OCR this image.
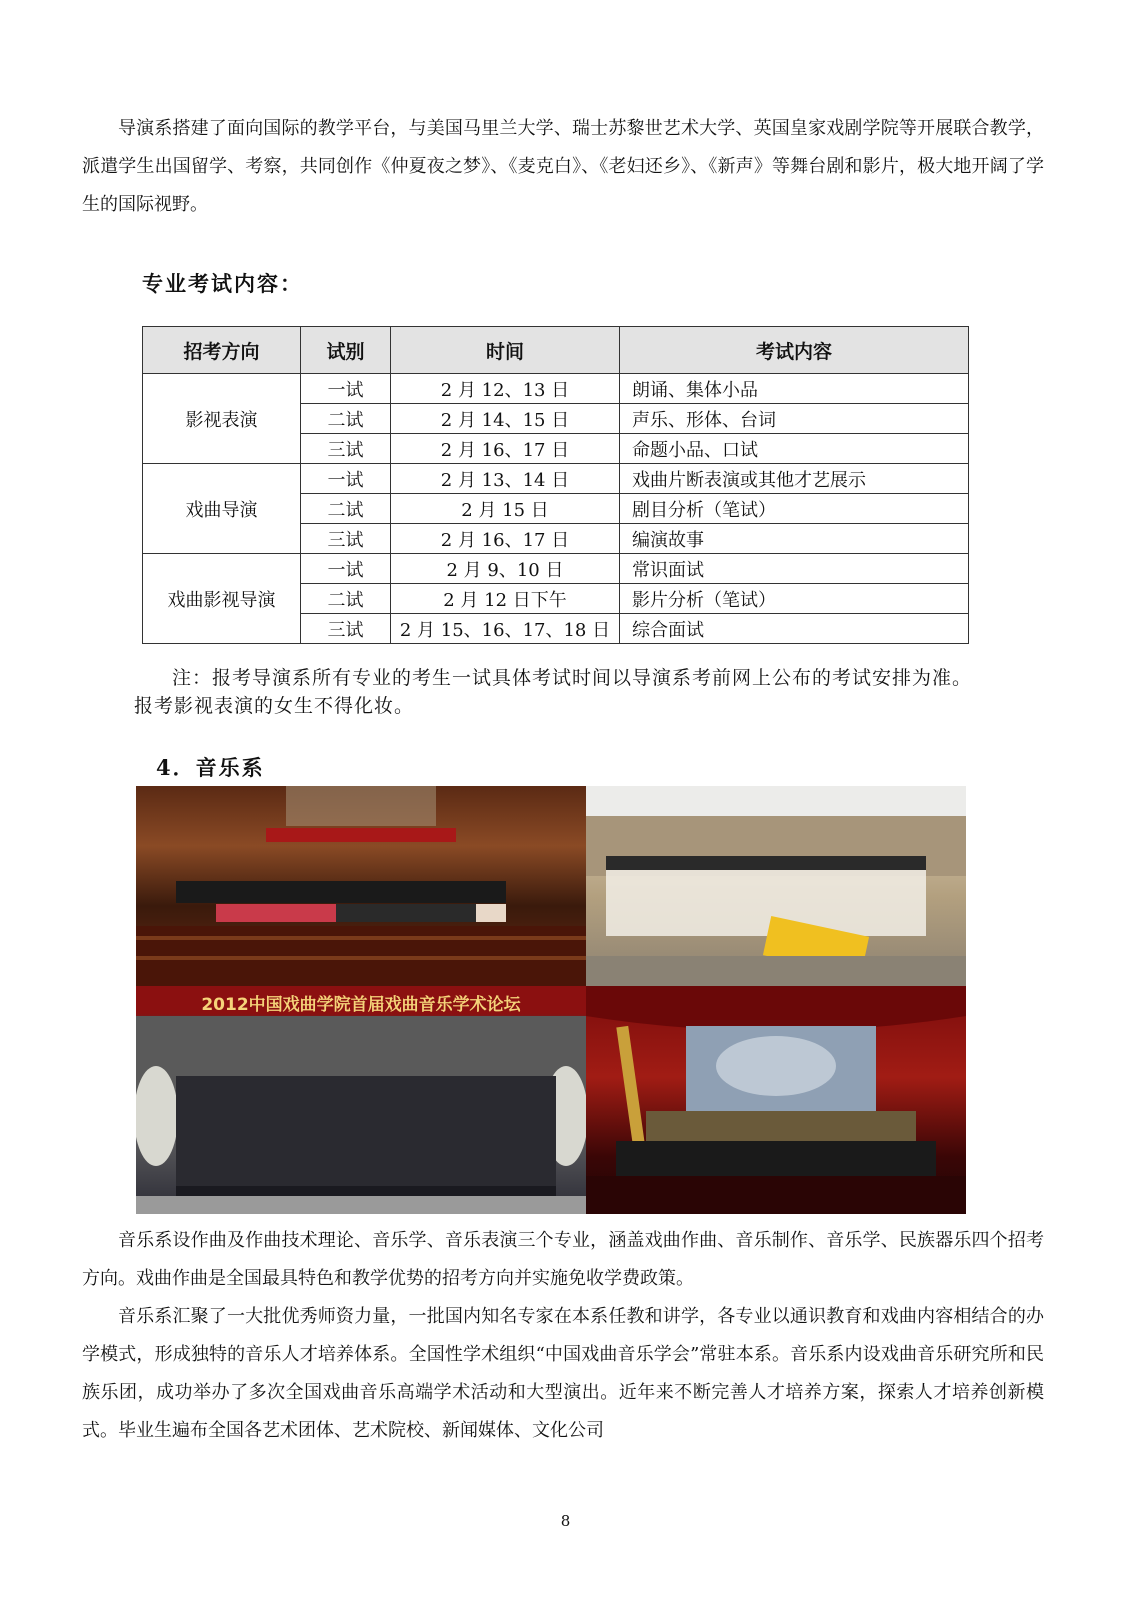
导演系搭建了面向国际的教学平台，与美国马里兰大学、瑞士苏黎世艺术大学、英国皇家戏剧学院等开展联合教学，派遣学生出国留学、考察，共同创作《仲夏夜之梦》、《麦克白》、《老妇还乡》、《新声》等舞台剧和影片，极大地开阔了学生的国际视野。

专业考试内容：
招考方向	试别	时间	考试内容
影视表演	一试	2 月 12、13 日	朗诵、集体小品
	二试	2 月 14、15 日	声乐、形体、台词
	三试	2 月 16、17 日	命题小品、口试
戏曲导演	一试	2 月 13、14 日	戏曲片断表演或其他才艺展示
	二试	2 月 15 日	剧目分析（笔试）
	三试	2 月 16、17 日	编演故事
戏曲影视导演	一试	2 月 9、10 日	常识面试
	二试	2 月 12 日下午	影片分析（笔试）
	三试	2 月 15、16、17、18 日	综合面试

注：报考导演系所有专业的考生一试具体考试时间以导演系考前网上公布的考试安排为准。报考影视表演的女生不得化妆。

4．音乐系
2012中国戏曲学院首届戏曲音乐学术论坛

音乐系设作曲及作曲技术理论、音乐学、音乐表演三个专业，涵盖戏曲作曲、音乐制作、音乐学、民族器乐四个招考方向。戏曲作曲是全国最具特色和教学优势的招考方向并实施免收学费政策。

音乐系汇聚了一大批优秀师资力量，一批国内知名专家在本系任教和讲学，各专业以通识教育和戏曲内容相结合的办学模式，形成独特的音乐人才培养体系。全国性学术组织“中国戏曲音乐学会”常驻本系。音乐系内设戏曲音乐研究所和民族乐团，成功举办了多次全国戏曲音乐高端学术活动和大型演出。近年来不断完善人才培养方案，探索人才培养创新模式。毕业生遍布全国各艺术团体、艺术院校、新闻媒体、文化公司

8
